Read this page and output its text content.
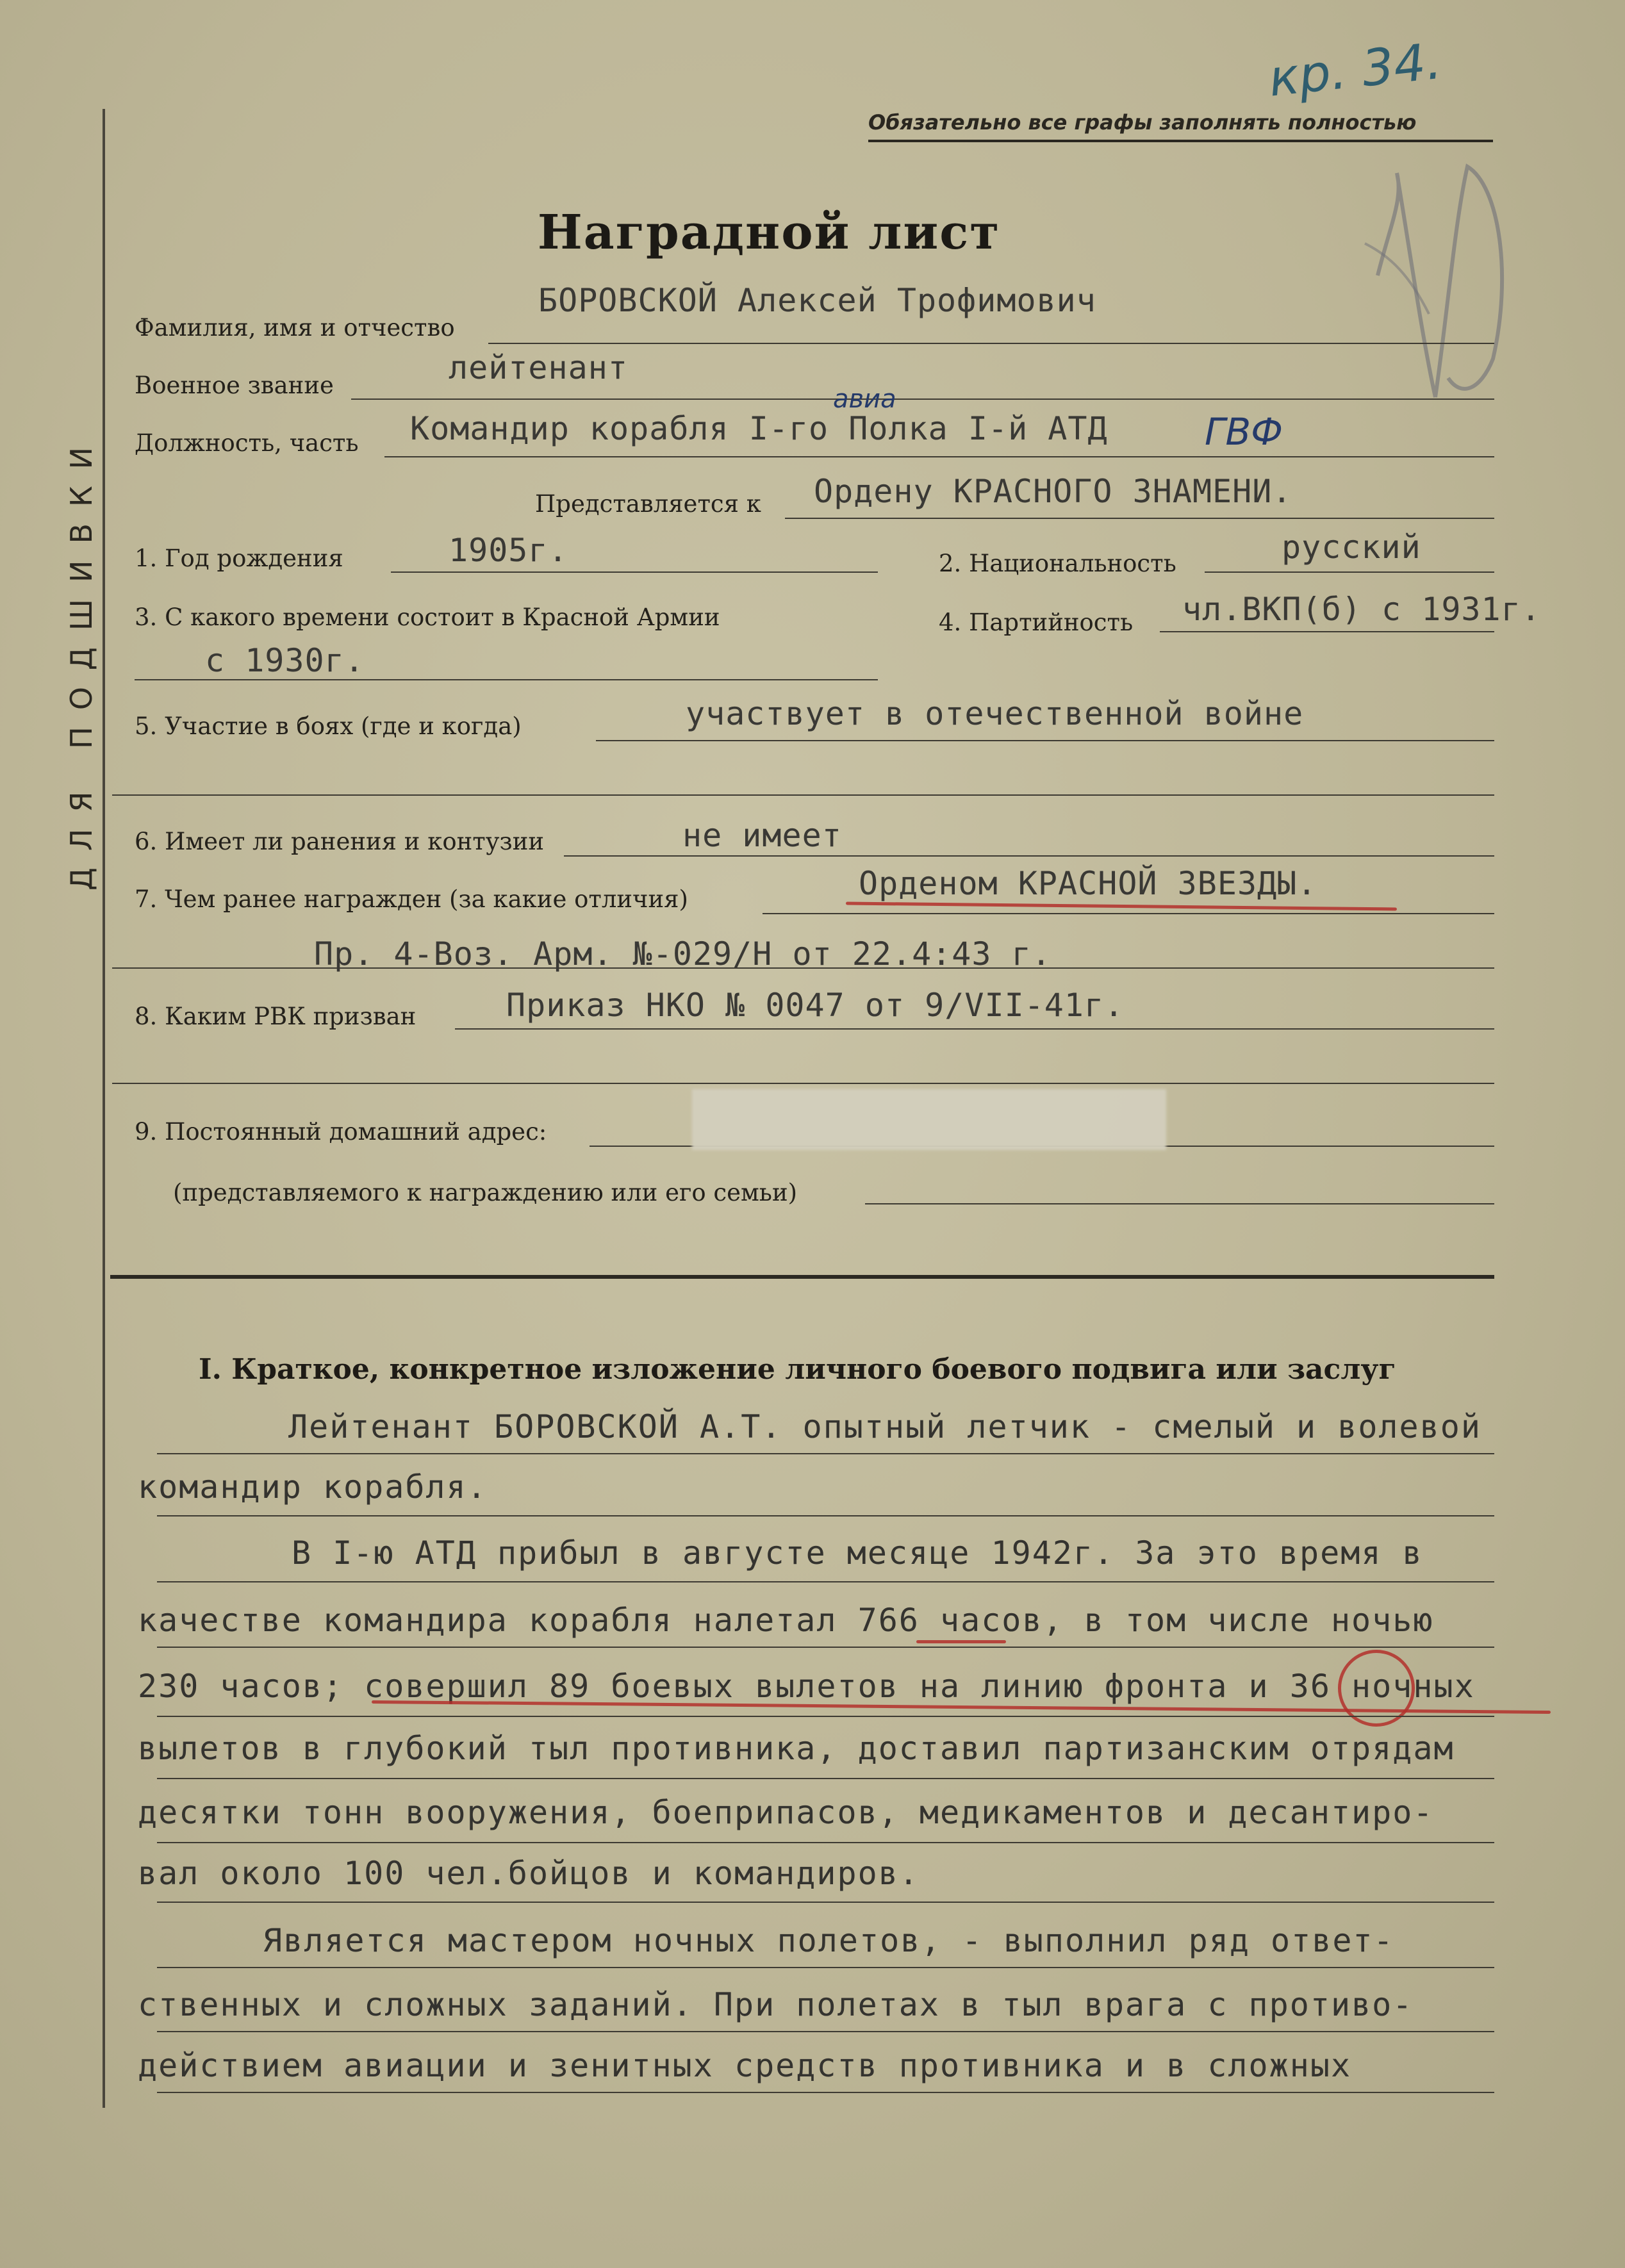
кр. 34.
Обязательно все графы заполнять полностью
ДЛЯ ПОДШИВКИ
Наградной лист
Фамилия, имя и отчество
БОРОВСКОЙ Алексей Трофимович
Военное звание	лейтенант
Должность, часть Командир корабля I-го Полка I-й АТД
авиа
ГВФ
Представляется к Ордену КРАСНОГО ЗНАМЕНИ.
1. Год рождения	1905г.	2. Национальность	русский
3. С какого времени состоит в Красной Армии
с 1930г.
4. Партийность чл.ВКП(б) с 1931г.
5. Участие в боях (где и когда)	участвует в отечественной войне
6. Имеет ли ранения и контузии	не имеет
7. Чем ранее награжден (за какие отличия)	Орденом КРАСНОЙ ЗВЕЗДЫ.
Пр. 4-Воз. Арм. №-029/Н от 22.4:43 г.
8. Каким РВК призван	Приказ НКО № 0047 от 9/VII-41г.
9. Постоянный домашний адрес:
(представляемого к награждению или его семьи)
I. Краткое, конкретное изложение личного боевого подвига или заслуг
Лейтенант БОРОВСКОЙ А.Т. опытный летчик - смелый и волевой
командир корабля.
В I-ю АТД прибыл в августе месяце 1942г. За это время в
качестве командира корабля налетал 766 часов, в том числе ночью
230 часов; совершил 89 боевых вылетов на линию фронта и 36 ночных
вылетов в глубокий тыл противника, доставил партизанским отрядам
десятки тонн вооружения, боеприпасов, медикаментов и десантиро-
вал около 100 чел.бойцов и командиров.
Является мастером ночных полетов, - выполнил ряд ответ-
ственных и сложных заданий. При полетах в тыл врага с противо-
действием авиации и зенитных средств противника и в сложных
